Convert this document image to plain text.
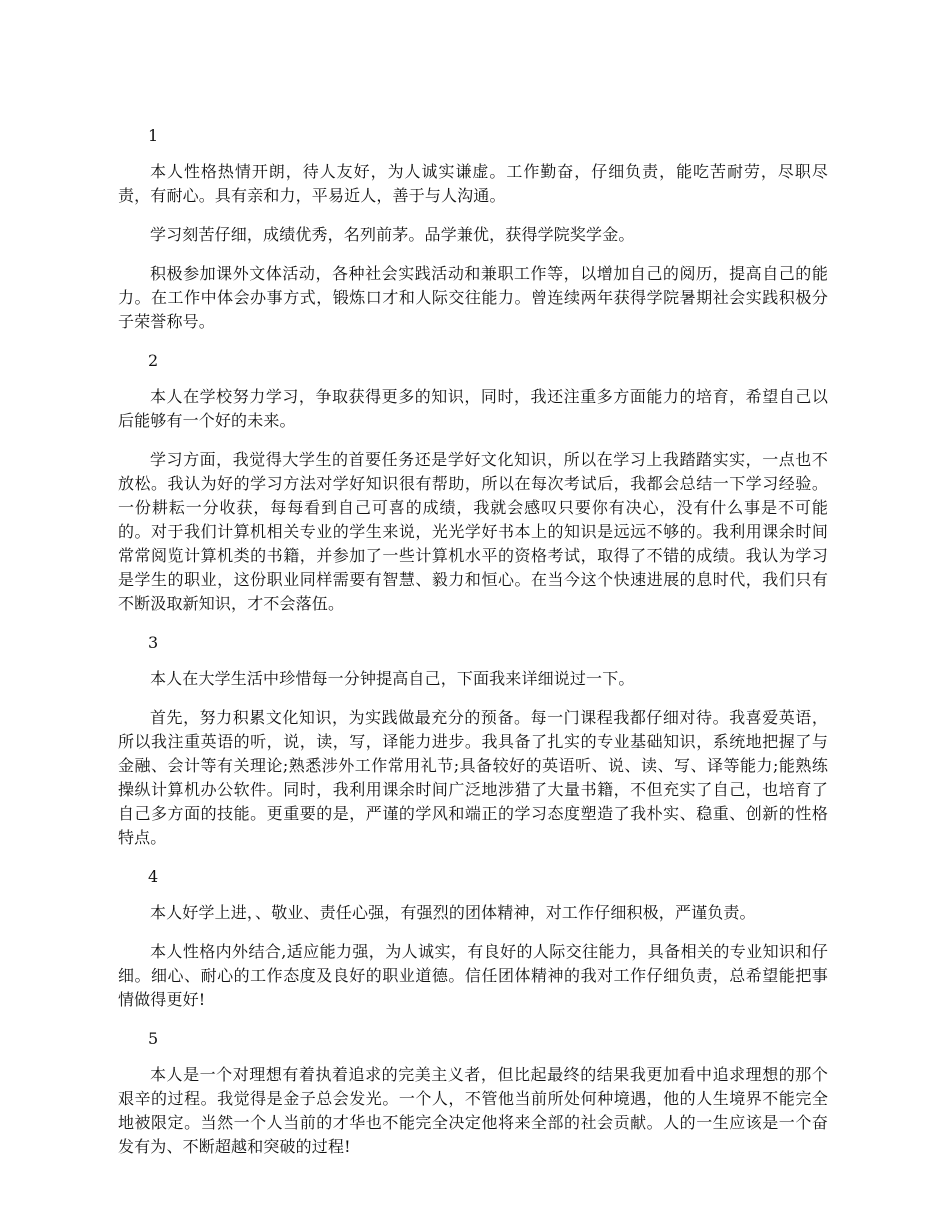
1

本人性格热情开朗，待人友好，为人诚实谦虚。工作勤奋，仔细负责，能吃苦耐劳，尽职尽责，有耐心。具有亲和力，平易近人，善于与人沟通。

学习刻苦仔细，成绩优秀，名列前茅。品学兼优，获得学院奖学金。

积极参加课外文体活动，各种社会实践活动和兼职工作等，以增加自己的阅历，提高自己的能力。在工作中体会办事方式，锻炼口才和人际交往能力。曾连续两年获得学院暑期社会实践积极分子荣誉称号。

2

本人在学校努力学习，争取获得更多的知识，同时，我还注重多方面能力的培育，希望自己以后能够有一个好的未来。

学习方面，我觉得大学生的首要任务还是学好文化知识，所以在学习上我踏踏实实，一点也不放松。我认为好的学习方法对学好知识很有帮助，所以在每次考试后，我都会总结一下学习经验。一份耕耘一分收获，每每看到自己可喜的成绩，我就会感叹只要你有决心，没有什么事是不可能的。对于我们计算机相关专业的学生来说，光光学好书本上的知识是远远不够的。我利用课余时间常常阅览计算机类的书籍，并参加了一些计算机水平的资格考试，取得了不错的成绩。我认为学习是学生的职业，这份职业同样需要有智慧、毅力和恒心。在当今这个快速进展的息时代，我们只有不断汲取新知识，才不会落伍。

3

本人在大学生活中珍惜每一分钟提高自己，下面我来详细说过一下。

首先，努力积累文化知识，为实践做最充分的预备。每一门课程我都仔细对待。我喜爱英语，所以我注重英语的听，说，读，写，译能力进步。我具备了扎实的专业基础知识，系统地把握了与金融、会计等有关理论;熟悉涉外工作常用礼节;具备较好的英语听、说、读、写、译等能力;能熟练操纵计算机办公软件。同时，我利用课余时间广泛地涉猎了大量书籍，不但充实了自己，也培育了自己多方面的技能。更重要的是，严谨的学风和端正的学习态度塑造了我朴实、稳重、创新的性格特点。

4

本人好学上进，、敬业、责任心强，有强烈的团体精神，对工作仔细积极，严谨负责。

本人性格内外结合,适应能力强，为人诚实，有良好的人际交往能力，具备相关的专业知识和仔细。细心、耐心的工作态度及良好的职业道德。信任团体精神的我对工作仔细负责，总希望能把事情做得更好!

5

本人是一个对理想有着执着追求的完美主义者，但比起最终的结果我更加看中追求理想的那个艰辛的过程。我觉得是金子总会发光。一个人，不管他当前所处何种境遇，他的人生境界不能完全地被限定。当然一个人当前的才华也不能完全决定他将来全部的社会贡献。人的一生应该是一个奋发有为、不断超越和突破的过程!
